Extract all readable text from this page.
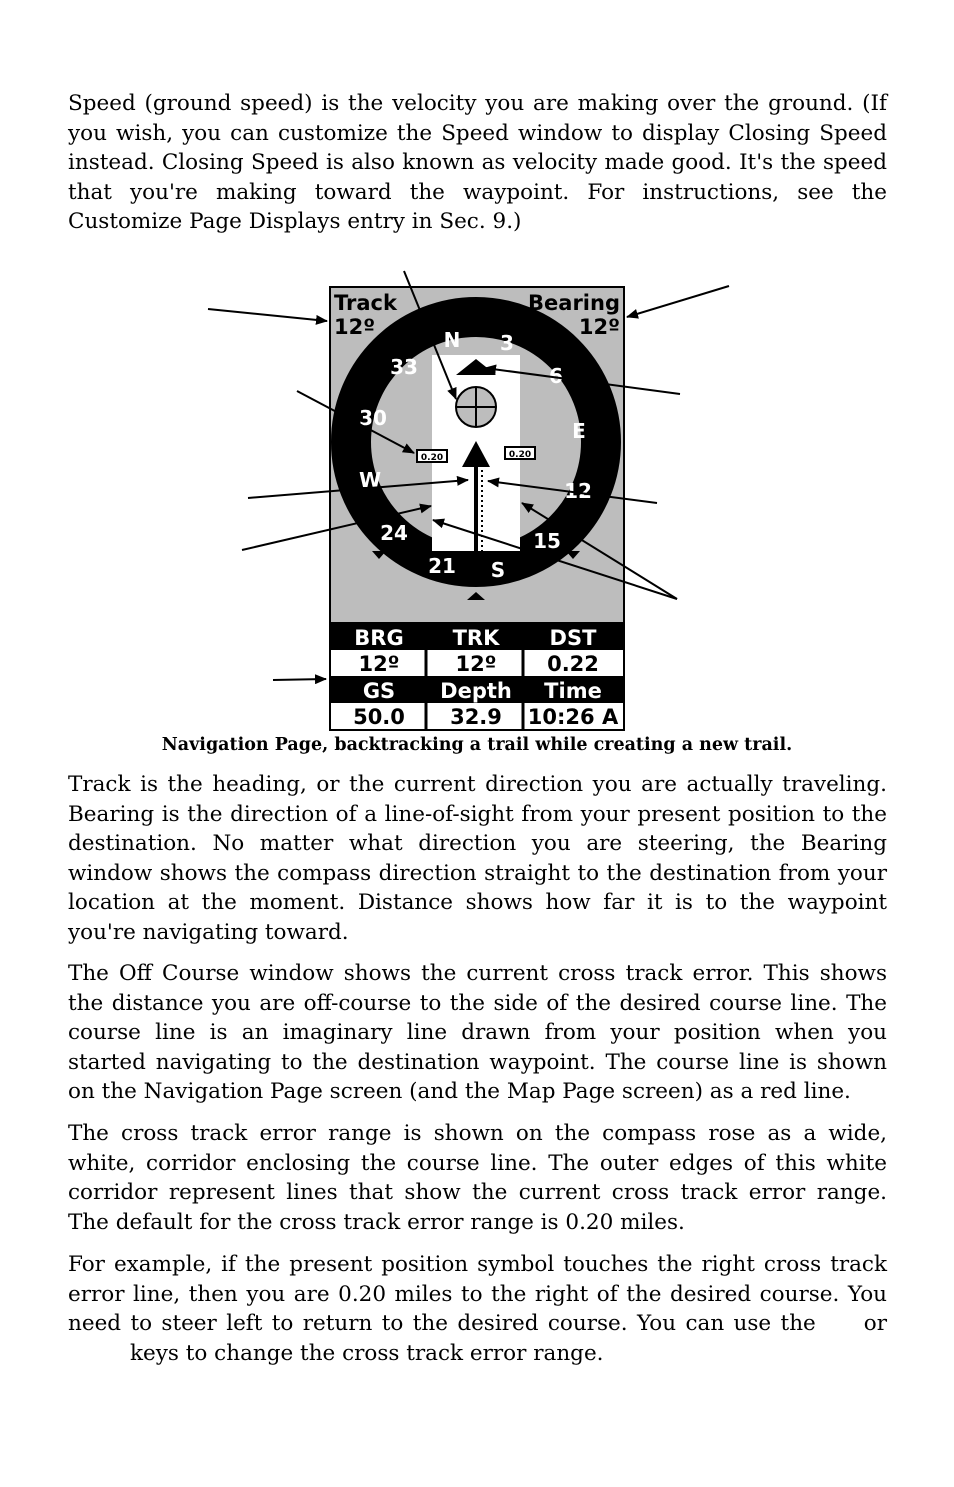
Speed (ground speed) is the velocity you are making over the ground. (If you wish, you can customize the Speed window to display Closing Speed instead. Closing Speed is also known as velocity made good. It's the speed that you're making toward the waypoint. For instructions, see the Customize Page Displays entry in Sec. 9.)

0.20	0.20
N 3
6
E
12
15
S
21
24
W
30
33
Track
12º
Bearing
12º
BRG TRK DST
12º	12º 0.22
GS Depth Time
50.0 32.9 10:26 A
Navigation Page, backtracking a trail while creating a new trail.

Track is the heading, or the current direction you are actually traveling. Bearing is the direction of a line-of-sight from your present position to the destination. No matter what direction you are steering, the Bearing window shows the compass direction straight to the destination from your location at the moment. Distance shows how far it is to the waypoint you're navigating toward.

The Off Course window shows the current cross track error. This shows the distance you are off-course to the side of the desired course line. The course line is an imaginary line drawn from your position when you started navigating to the destination waypoint. The course line is shown on the Navigation Page screen (and the Map Page screen) as a red line.

The cross track error range is shown on the compass rose as a wide, white, corridor enclosing the course line. The outer edges of this white corridor represent lines that show the current cross track error range. The default for the cross track error range is 0.20 miles.

For example, if the present position symbol touches the right cross track error line, then you are 0.20 miles to the right of the desired course. You need to steer left to return to the desired course. You can use the orkeys to change the cross track error range.
